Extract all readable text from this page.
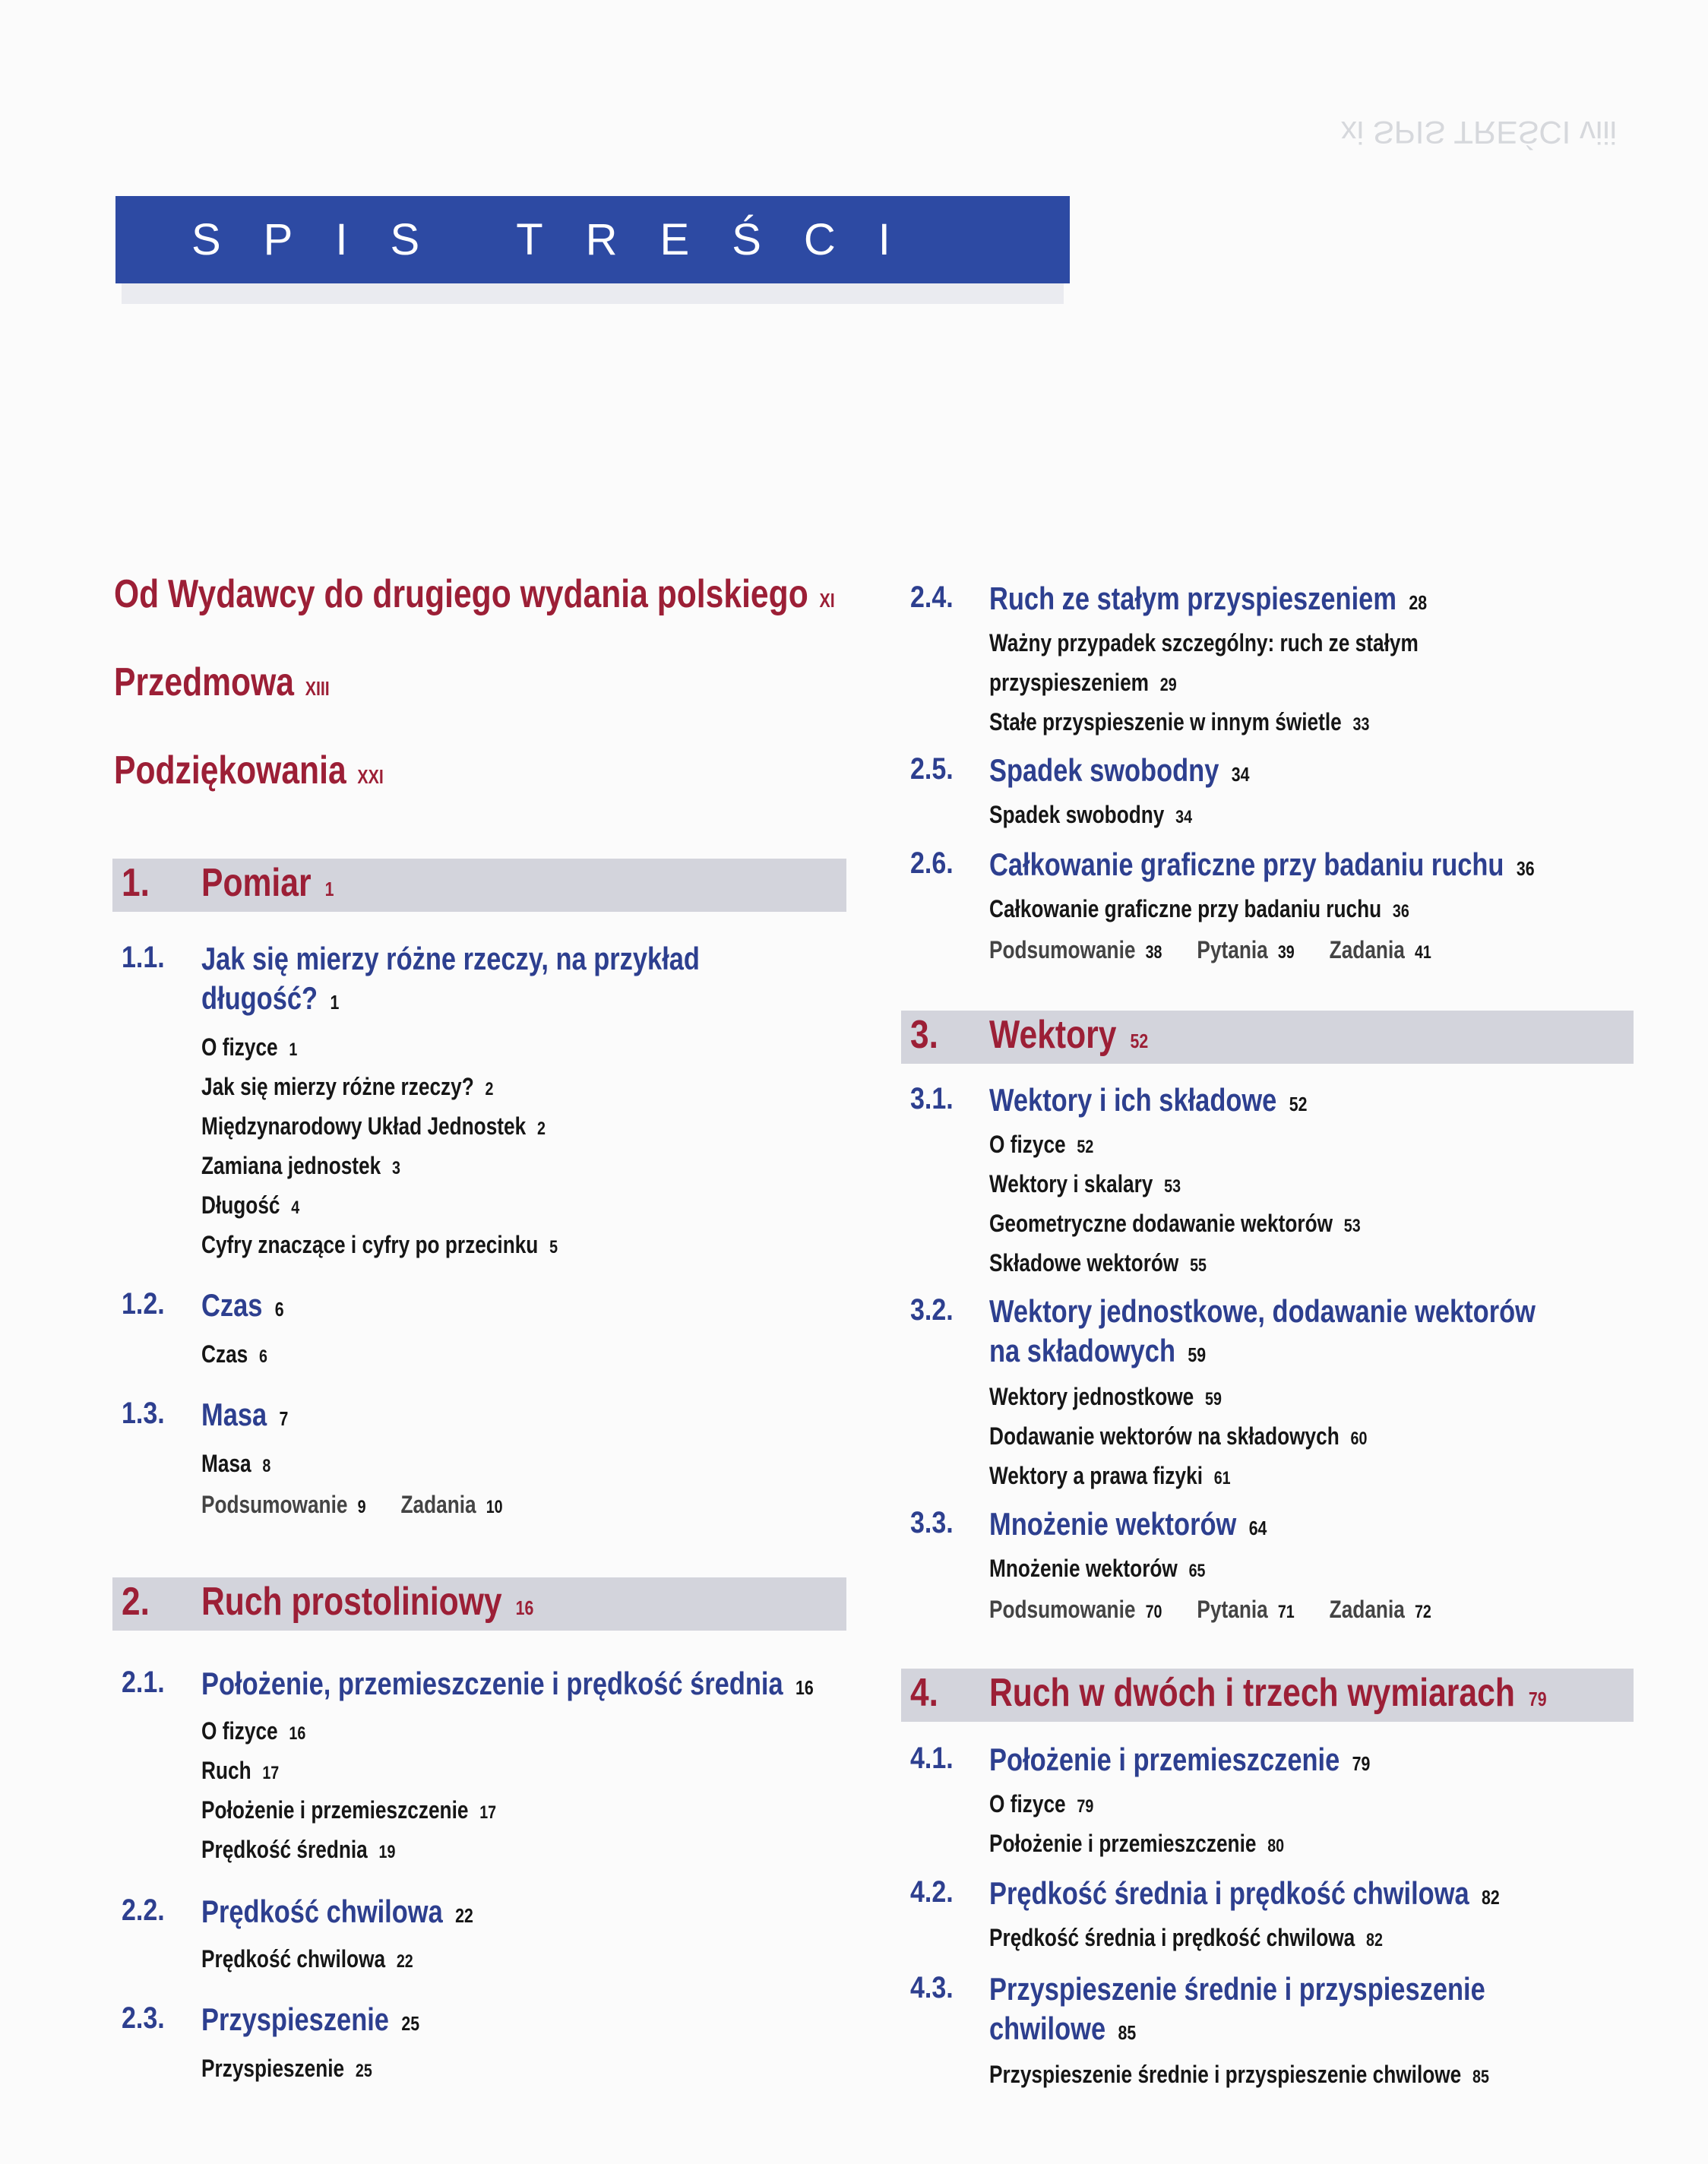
xi SPIS TREŚCI viii
SPIS TREŚCI
Od Wydawcy do drugiego wydania polskiego XI
Przedmowa XIII
Podziękowania XXI
1. Pomiar 1
1.1. Jak się mierzy różne rzeczy, na przykład
długość? 1
O fizyce 1
Jak się mierzy różne rzeczy? 2
Międzynarodowy Układ Jednostek 2
Zamiana jednostek 3
Długość 4
Cyfry znaczące i cyfry po przecinku 5
1.2. Czas 6
Czas 6
1.3. Masa 7
Masa 8
Podsumowanie 9 Zadania 10
2. Ruch prostoliniowy 16
2.1. Położenie, przemieszczenie i prędkość średnia 16
O fizyce 16
Ruch 17
Położenie i przemieszczenie 17
Prędkość średnia 19
2.2. Prędkość chwilowa 22
Prędkość chwilowa 22
2.3. Przyspieszenie 25
Przyspieszenie 25
2.4. Ruch ze stałym przyspieszeniem 28
Ważny przypadek szczególny: ruch ze stałym
przyspieszeniem 29
Stałe przyspieszenie w innym świetle 33
2.5. Spadek swobodny 34
Spadek swobodny 34
2.6. Całkowanie graficzne przy badaniu ruchu 36
Całkowanie graficzne przy badaniu ruchu 36
Podsumowanie 38 Pytania 39 Zadania 41
3. Wektory 52
3.1. Wektory i ich składowe 52
O fizyce 52
Wektory i skalary 53
Geometryczne dodawanie wektorów 53
Składowe wektorów 55
3.2. Wektory jednostkowe, dodawanie wektorów
na składowych 59
Wektory jednostkowe 59
Dodawanie wektorów na składowych 60
Wektory a prawa fizyki 61
3.3. Mnożenie wektorów 64
Mnożenie wektorów 65
Podsumowanie 70 Pytania 71 Zadania 72
4. Ruch w dwóch i trzech wymiarach 79
4.1. Położenie i przemieszczenie 79
O fizyce 79
Położenie i przemieszczenie 80
4.2. Prędkość średnia i prędkość chwilowa 82
Prędkość średnia i prędkość chwilowa 82
4.3. Przyspieszenie średnie i przyspieszenie
chwilowe 85
Przyspieszenie średnie i przyspieszenie chwilowe 85
